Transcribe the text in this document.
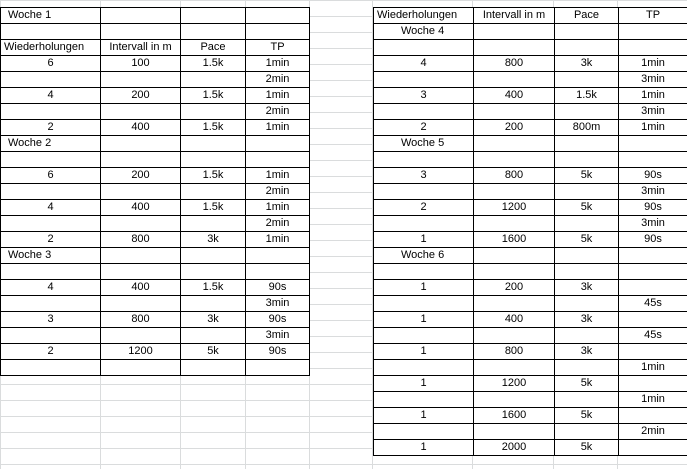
Woche 1			

Wiederholungen	Intervall in m	Pace	TP
6	100	1.5k	1min
			2min
4	200	1.5k	1min
			2min
2	400	1.5k	1min
Woche 2			

6	200	1.5k	1min
			2min
4	400	1.5k	1min
			2min
2	800	3k	1min
Woche 3			

4	400	1.5k	90s
			3min
3	800	3k	90s
			3min
2	1200	5k	90s

Wiederholungen	Intervall in m	Pace	TP
Woche 4			

4	800	3k	1min
			3min
3	400	1.5k	1min
			3min
2	200	800m	1min
Woche 5			

3	800	5k	90s
			3min
2	1200	5k	90s
			3min
1	1600	5k	90s
Woche 6			

1	200	3k	
			45s
1	400	3k	
			45s
1	800	3k	
			1min
1	1200	5k	
			1min
1	1600	5k	
			2min
1	2000	5k	
